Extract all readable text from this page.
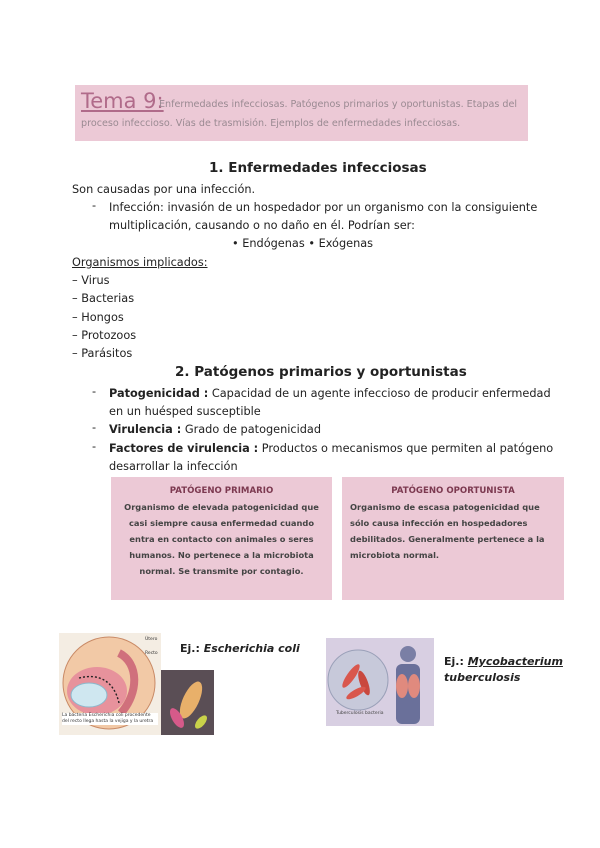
Tema 9:
Enfermedades infecciosas. Patógenos primarios y oportunistas. Etapas del proceso infeccioso. Vías de trasmisión. Ejemplos de enfermedades infecciosas.
1. Enfermedades infecciosas
Son causadas por una infección.
- Infección: invasión de un hospedador por un organismo con la consiguiente
multiplicación, causando o no daño en él. Podrían ser:
• Endógenas • Exógenas
Organismos implicados:
– Virus
– Bacterias
– Hongos
– Protozoos
– Parásitos
2. Patógenos primarios y oportunistas
- Patogenicidad : Capacidad de un agente infeccioso de producir enfermedad
en un huésped susceptible
- Virulencia : Grado de patogenicidad
- Factores de virulencia : Productos o mecanismos que permiten al patógeno
desarrollar la infección
PATÓGENO PRIMARIO
Organismo de elevada patogenicidad que
casi siempre causa enfermedad cuando
entra en contacto con animales o seres
humanos. No pertenece a la microbiota
normal. Se transmite por contagio.
PATÓGENO OPORTUNISTA
Organismo de escasa patogenicidad que
sólo causa infección en hospedadores
debilitados. Generalmente pertenece a la
microbiota normal.
Útero
Recto
La bacteria Escherichia coli procedente del recto llega hasta la vejiga y la uretra
Ej.: Escherichia coli
Tuberculosis bacteria
Ej.: Mycobacterium
tuberculosis
